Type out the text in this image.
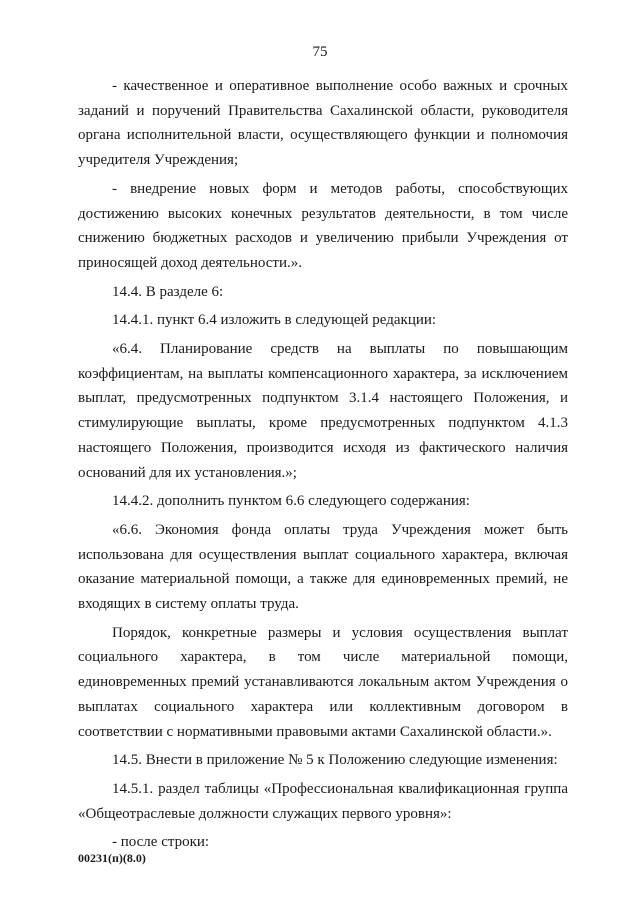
75

- качественное и оперативное выполнение особо важных и срочных заданий и поручений Правительства Сахалинской области, руководителя органа исполнительной власти, осуществляющего функции и полномочия учредителя Учреждения;

- внедрение новых форм и методов работы, способствующих достижению высоких конечных результатов деятельности, в том числе снижению бюджетных расходов и увеличению прибыли Учреждения от приносящей доход деятельности.».

14.4. В разделе 6:

14.4.1. пункт 6.4 изложить в следующей редакции:

«6.4. Планирование средств на выплаты по повышающим коэффициентам, на выплаты компенсационного характера, за исключением выплат, предусмотренных подпунктом 3.1.4 настоящего Положения, и стимулирующие выплаты, кроме предусмотренных подпунктом 4.1.3 настоящего Положения, производится исходя из фактического наличия оснований для их установления.»;

14.4.2. дополнить пунктом 6.6 следующего содержания:

«6.6. Экономия фонда оплаты труда Учреждения может быть использована для осуществления выплат социального характера, включая оказание материальной помощи, а также для единовременных премий, не входящих в систему оплаты труда.

Порядок, конкретные размеры и условия осуществления выплат социального характера, в том числе материальной помощи, единовременных премий устанавливаются локальным актом Учреждения о выплатах социального характера или коллективным договором в соответствии с нормативными правовыми актами Сахалинской области.».

14.5. Внести в приложение № 5 к Положению следующие изменения:

14.5.1. раздел таблицы «Профессиональная квалификационная группа «Общеотраслевые должности служащих первого уровня»:

- после строки:

00231(п)(8.0)
